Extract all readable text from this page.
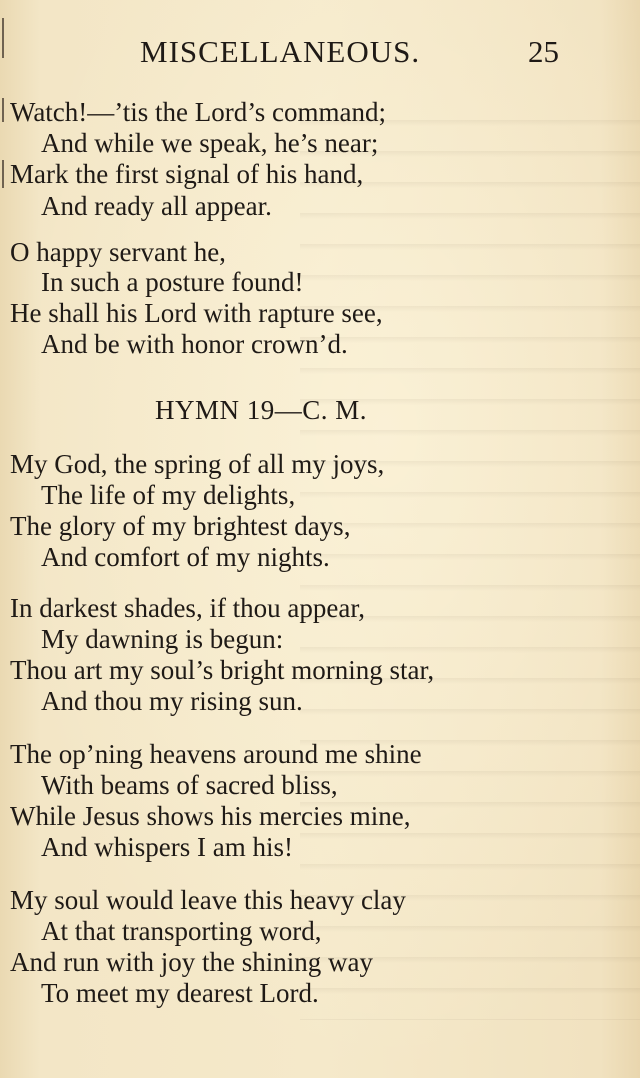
MISCELLANEOUS.	25
Watch!—’tis the Lord’s command;
And while we speak, he’s near;
Mark the first signal of his hand,
And ready all appear.
O happy servant he,
In such a posture found!
He shall his Lord with rapture see,
And be with honor crown’d.
HYMN 19—C. M.
My God, the spring of all my joys,
The life of my delights,
The glory of my brightest days,
And comfort of my nights.
In darkest shades, if thou appear,
My dawning is begun:
Thou art my soul’s bright morning star,
And thou my rising sun.
The op’ning heavens around me shine
With beams of sacred bliss,
While Jesus shows his mercies mine,
And whispers I am his!
My soul would leave this heavy clay
At that transporting word,
And run with joy the shining way
To meet my dearest Lord.
